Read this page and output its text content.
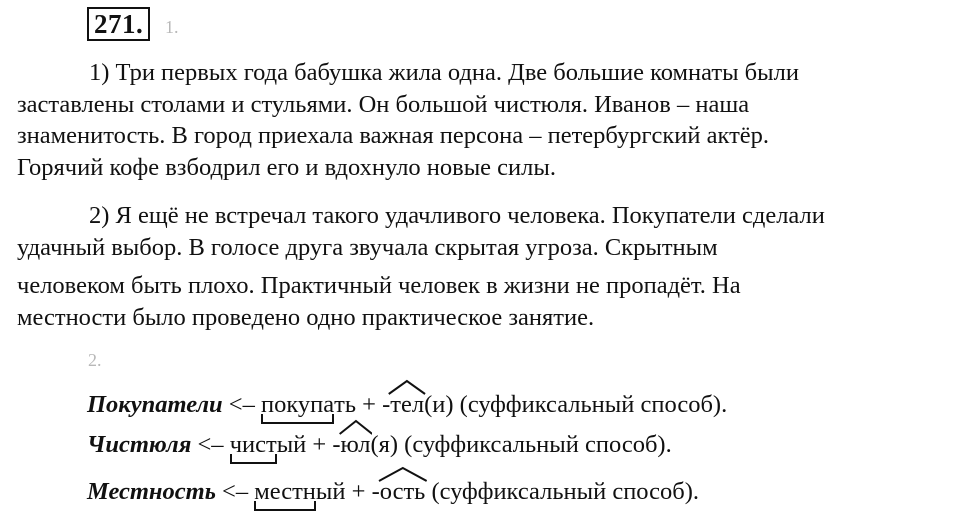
271.	1.
1) Три первых года бабушка жила одна. Две большие комнаты были
заставлены столами и стульями. Он большой чистюля. Иванов – наша
знаменитость. В город приехала важная персона – петербургский актёр.
Горячий кофе взбодрил его и вдохнуло новые силы.
2) Я ещё не встречал такого удачливого человека. Покупатели сделали
удачный выбор. В голосе друга звучала скрытая угроза. Скрытным
человеком быть плохо. Практичный человек в жизни не пропадёт. На
местности было проведено одно практическое занятие.
2.
Покупатели <– покупа
ть + -тел
(и) (суффиксальный способ).
Чистюля <– чист
ый + -юл
(я) (суффиксальный способ).
Местность <– местн
ый + -ость
(суффиксальный способ).
